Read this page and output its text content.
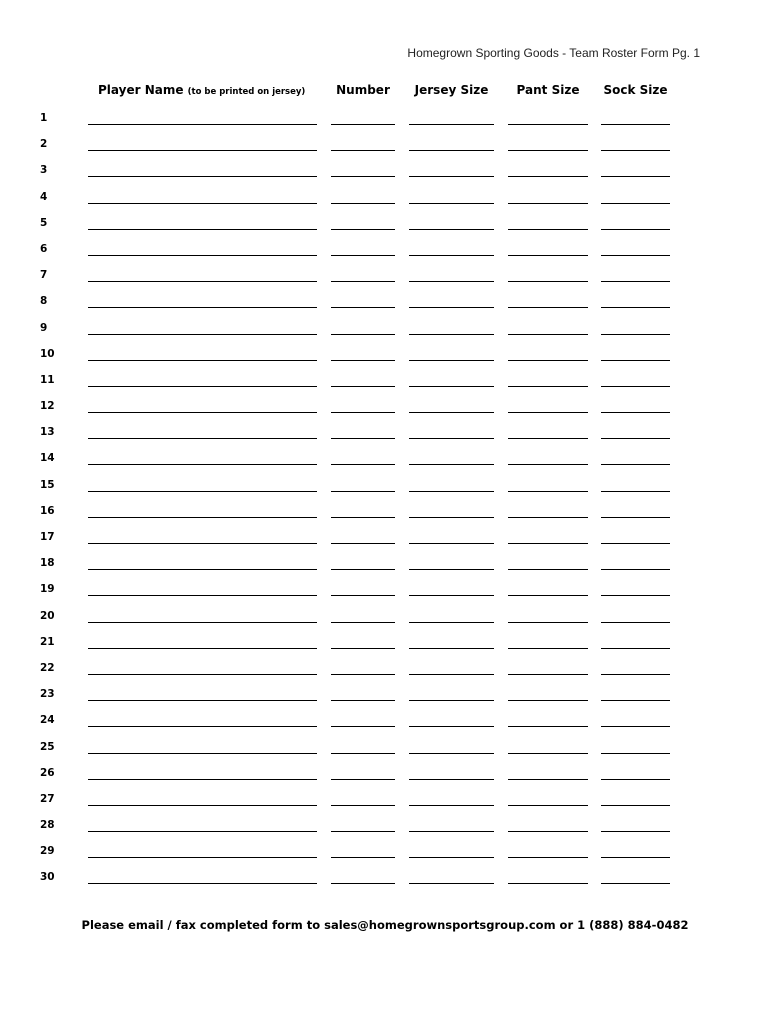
Homegrown Sporting Goods - Team Roster Form Pg. 1
Player Name (to be printed on jersey)	Number	Jersey Size	Pant Size	Sock Size
1
2
3
4
5
6
7
8
9
10
11
12
13
14
15
16
17
18
19
20
21
22
23
24
25
26
27
28
29
30
Please email / fax completed form to sales@homegrownsportsgroup.com or 1 (888) 884-0482
